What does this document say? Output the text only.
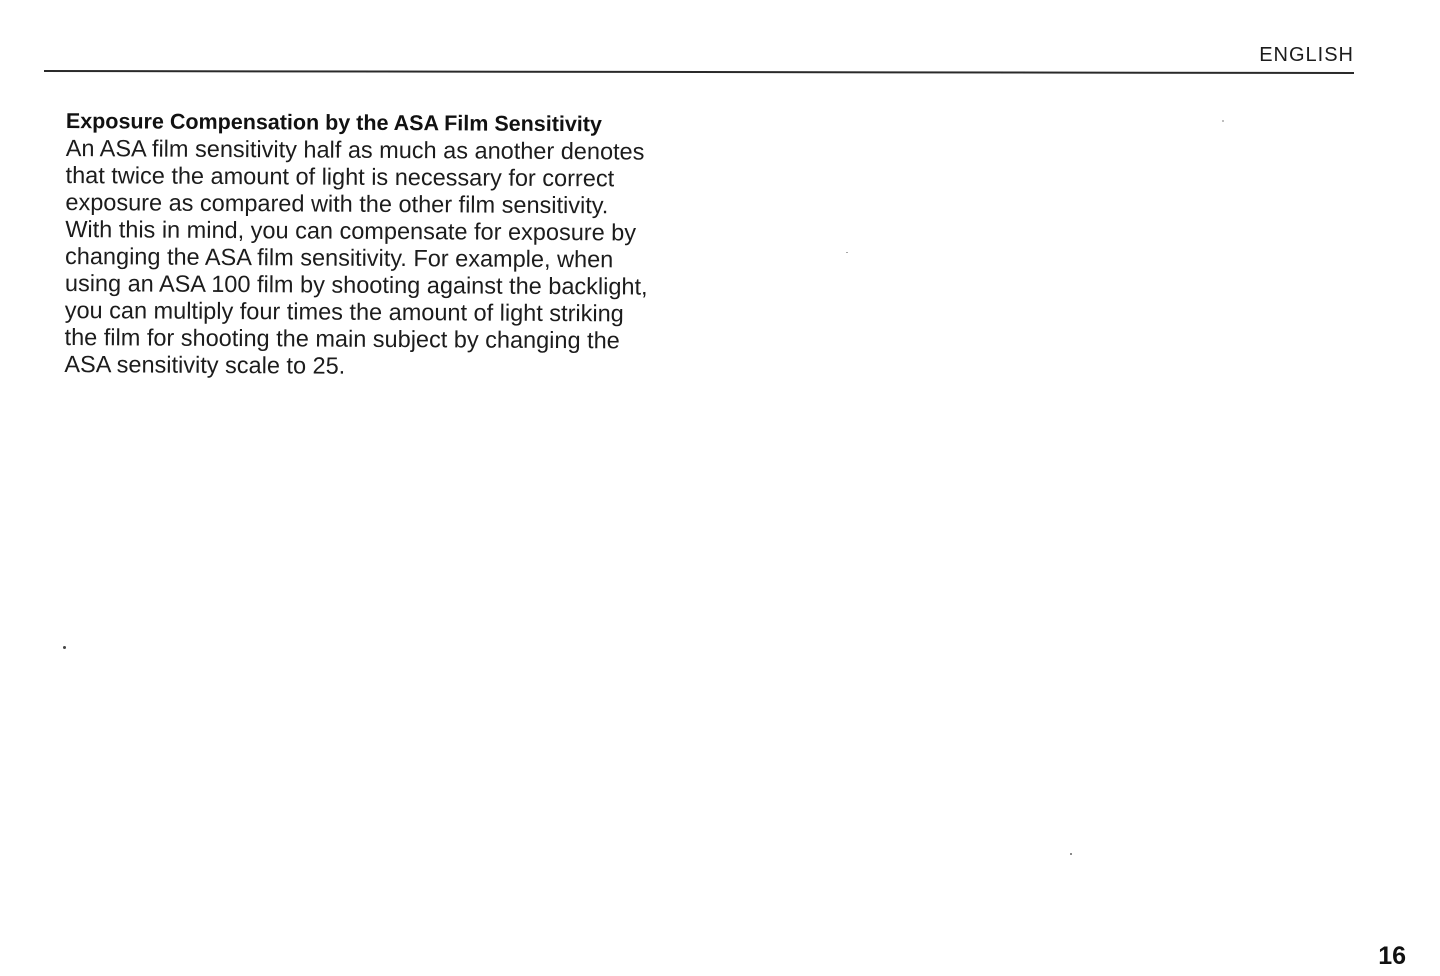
ENGLISH
Exposure Compensation by the ASA Film Sensitivity

An ASA film sensitivity half as much as another denotes
that twice the amount of light is necessary for correct
exposure as compared with the other film sensitivity.
With this in mind, you can compensate for exposure by
changing the ASA film sensitivity. For example, when
using an ASA 100 film by shooting against the backlight,
you can multiply four times the amount of light striking
the film for shooting the main subject by changing the
ASA sensitivity scale to 25.

16
